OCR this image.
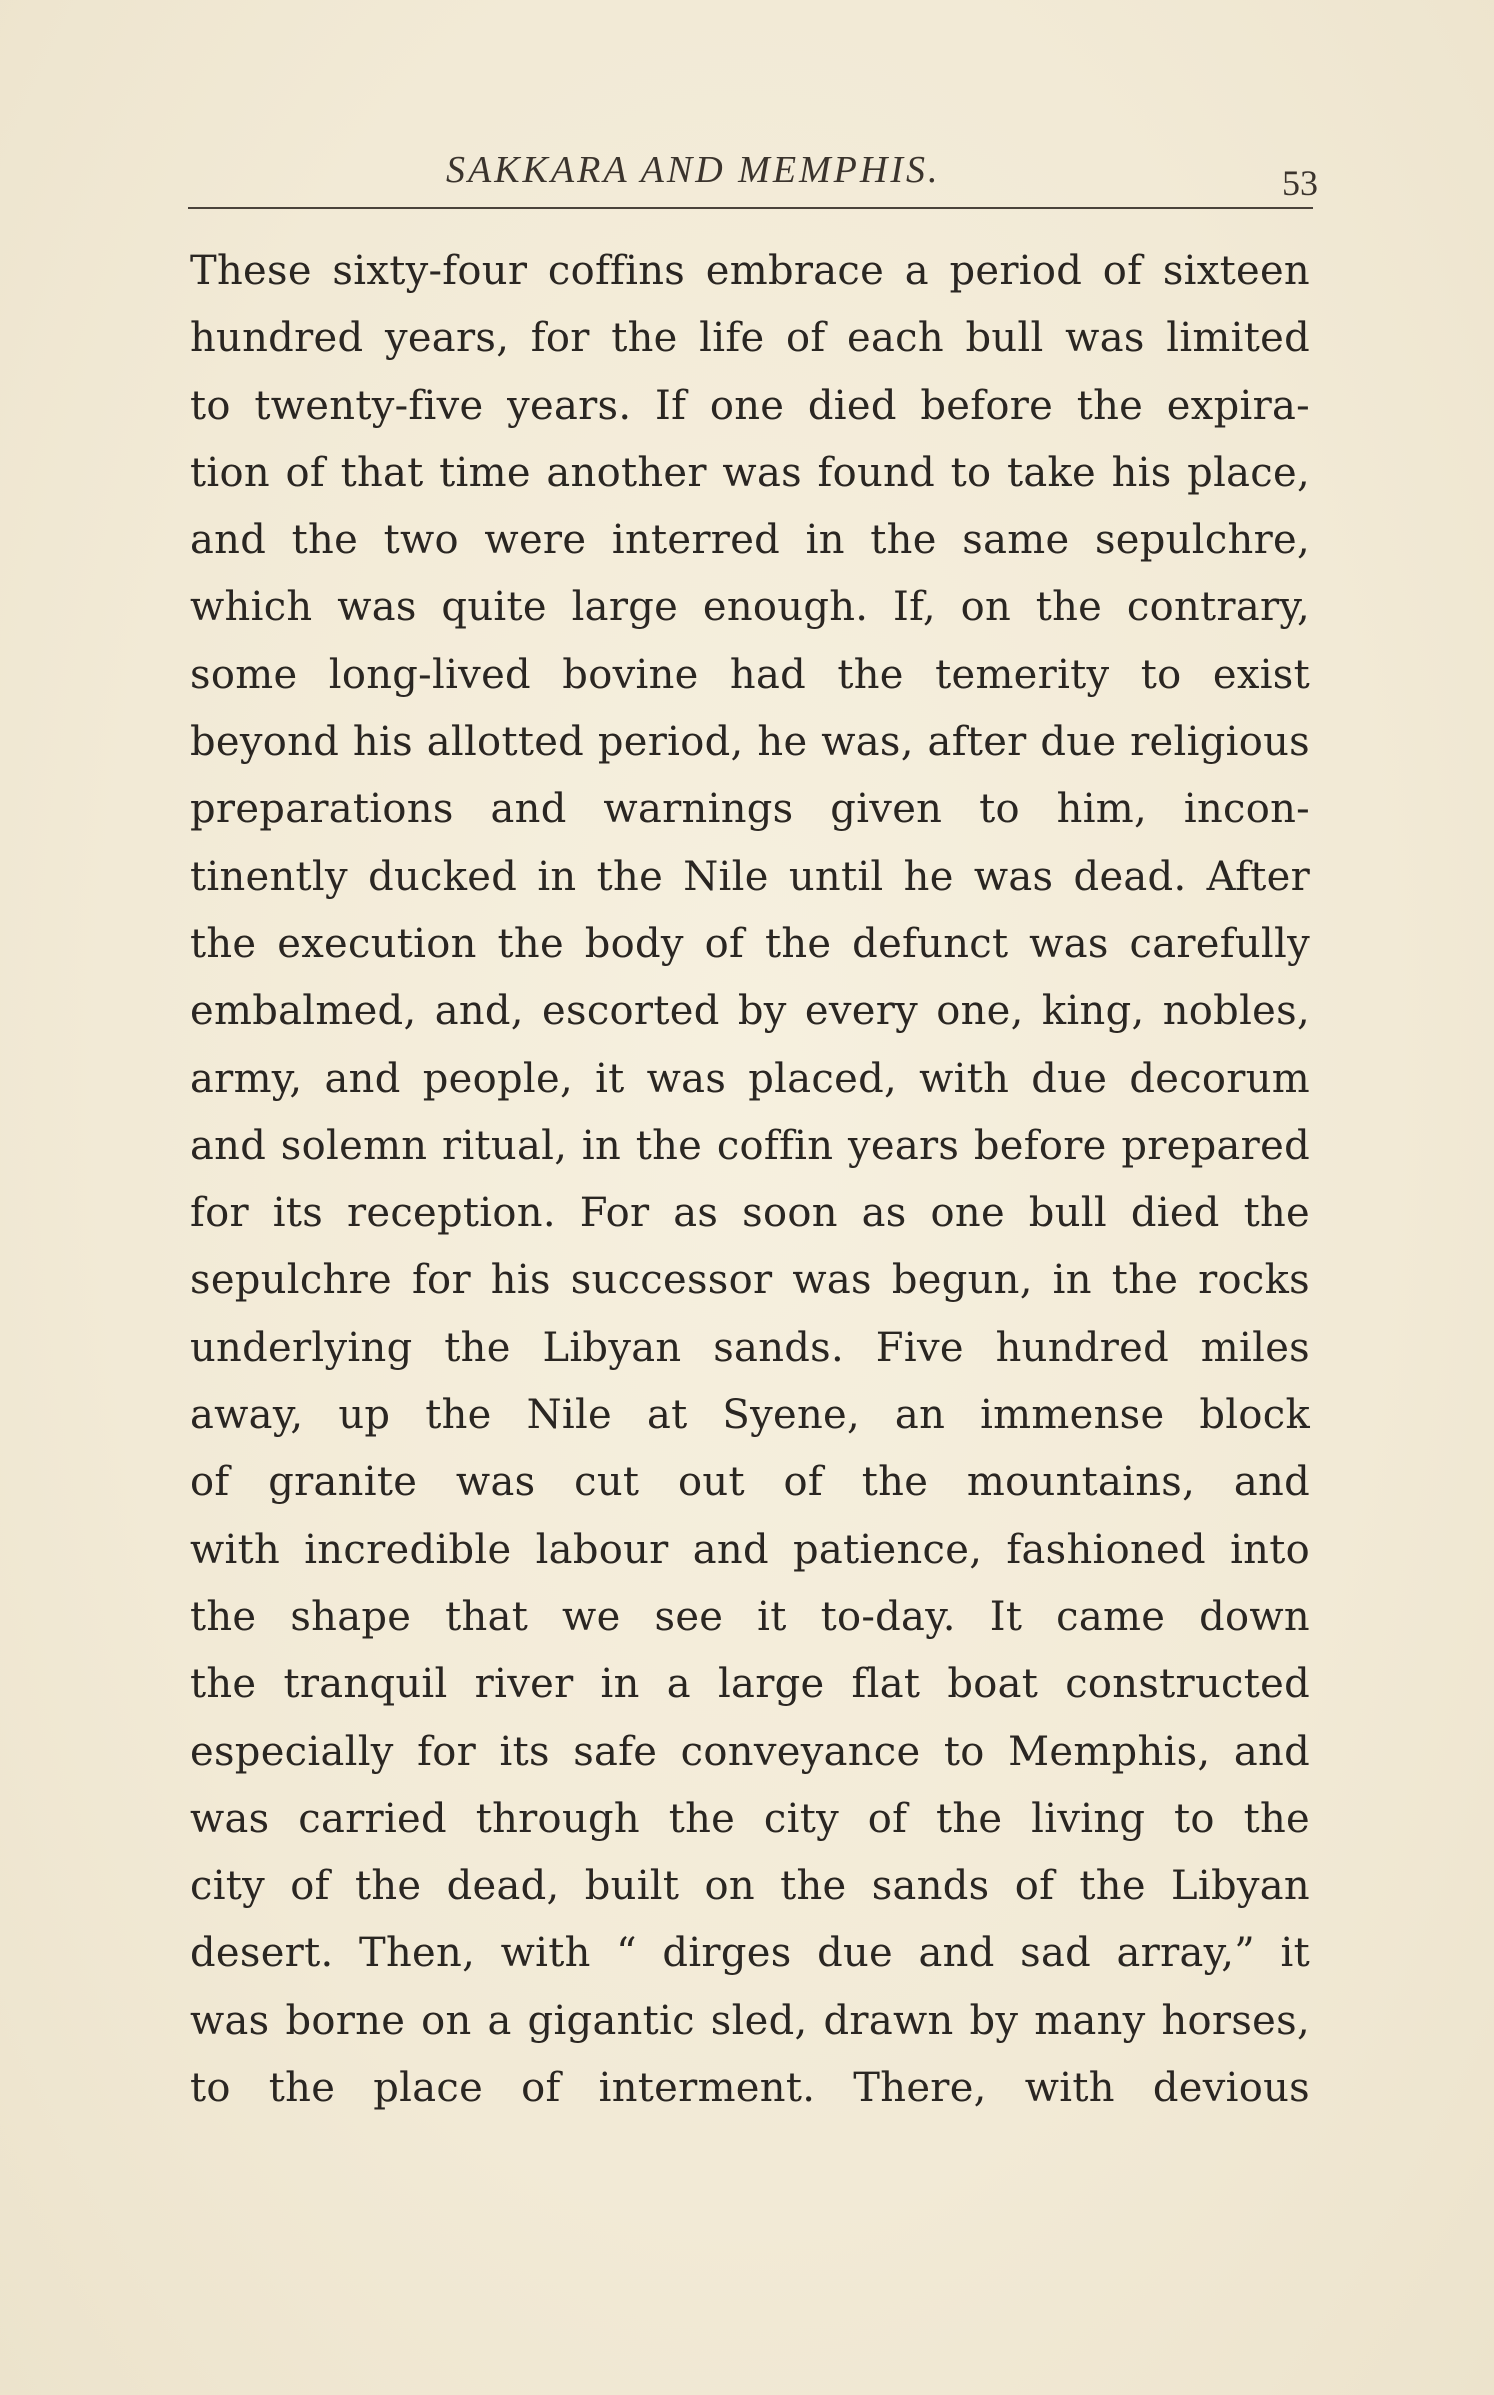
SAKKARA AND MEMPHIS.	53
These sixty-four coffins embrace a period of sixteen
hundred years, for the life of each bull was limited
to twenty-five years. If one died before the expira-
tion of that time another was found to take his place,
and the two were interred in the same sepulchre,
which was quite large enough. If, on the contrary,
some long-lived bovine had the temerity to exist
beyond his allotted period, he was, after due religious
preparations and warnings given to him, incon-
tinently ducked in the Nile until he was dead. After
the execution the body of the defunct was carefully
embalmed, and, escorted by every one, king, nobles,
army, and people, it was placed, with due decorum
and solemn ritual, in the coffin years before prepared
for its reception. For as soon as one bull died the
sepulchre for his successor was begun, in the rocks
underlying the Libyan sands. Five hundred miles
away, up the Nile at Syene, an immense block
of granite was cut out of the mountains, and
with incredible labour and patience, fashioned into
the shape that we see it to-day. It came down
the tranquil river in a large flat boat constructed
especially for its safe conveyance to Memphis, and
was carried through the city of the living to the
city of the dead, built on the sands of the Libyan
desert. Then, with “ dirges due and sad array,” it
was borne on a gigantic sled, drawn by many horses,
to the place of interment. There, with devious
